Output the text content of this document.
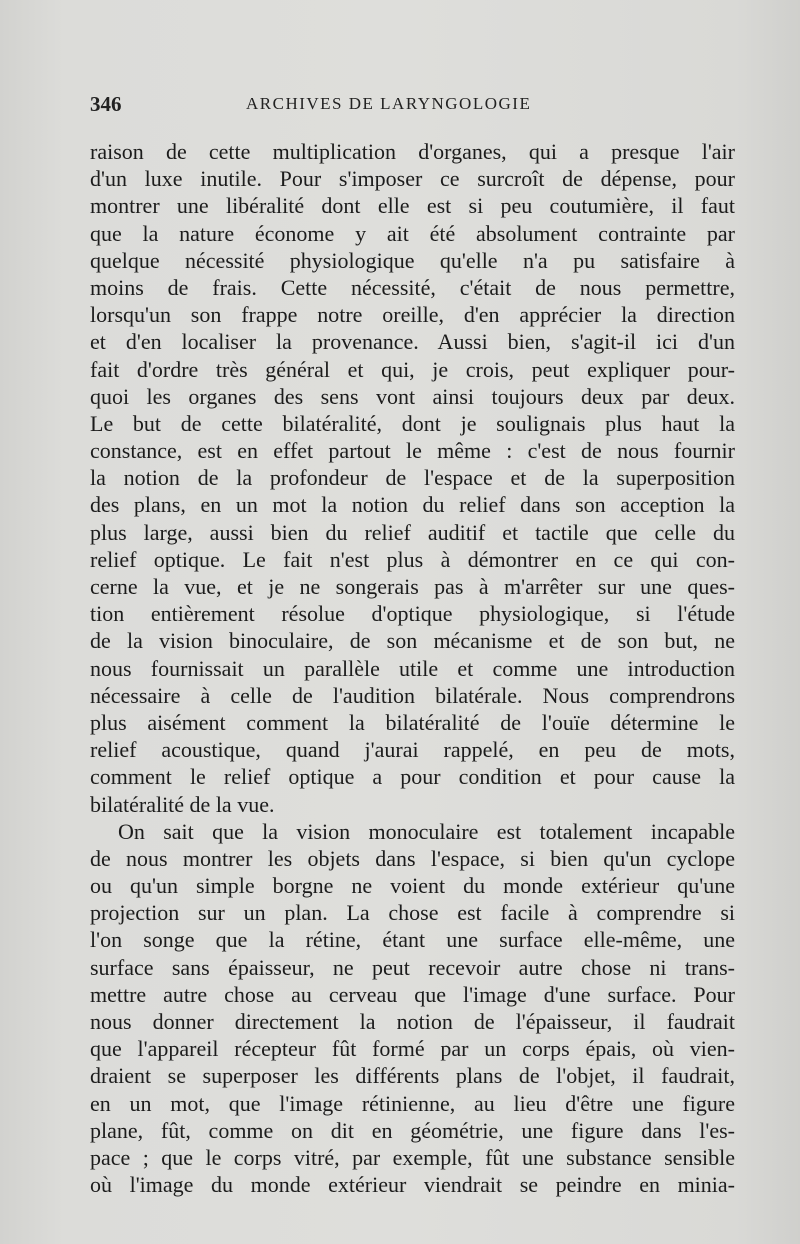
346	ARCHIVES DE LARYNGOLOGIE
raison de cette multiplication d'organes, qui a presque l'air
d'un luxe inutile. Pour s'imposer ce surcroît de dépense, pour
montrer une libéralité dont elle est si peu coutumière, il faut
que la nature économe y ait été absolument contrainte par
quelque nécessité physiologique qu'elle n'a pu satisfaire à
moins de frais. Cette nécessité, c'était de nous permettre,
lorsqu'un son frappe notre oreille, d'en apprécier la direction
et d'en localiser la provenance. Aussi bien, s'agit-il ici d'un
fait d'ordre très général et qui, je crois, peut expliquer pour-
quoi les organes des sens vont ainsi toujours deux par deux.
Le but de cette bilatéralité, dont je soulignais plus haut la
constance, est en effet partout le même : c'est de nous fournir
la notion de la profondeur de l'espace et de la superposition
des plans, en un mot la notion du relief dans son acception la
plus large, aussi bien du relief auditif et tactile que celle du
relief optique. Le fait n'est plus à démontrer en ce qui con-
cerne la vue, et je ne songerais pas à m'arrêter sur une ques-
tion entièrement résolue d'optique physiologique, si l'étude
de la vision binoculaire, de son mécanisme et de son but, ne
nous fournissait un parallèle utile et comme une introduction
nécessaire à celle de l'audition bilatérale. Nous comprendrons
plus aisément comment la bilatéralité de l'ouïe détermine le
relief acoustique, quand j'aurai rappelé, en peu de mots,
comment le relief optique a pour condition et pour cause la
bilatéralité de la vue.
On sait que la vision monoculaire est totalement incapable
de nous montrer les objets dans l'espace, si bien qu'un cyclope
ou qu'un simple borgne ne voient du monde extérieur qu'une
projection sur un plan. La chose est facile à comprendre si
l'on songe que la rétine, étant une surface elle-même, une
surface sans épaisseur, ne peut recevoir autre chose ni trans-
mettre autre chose au cerveau que l'image d'une surface. Pour
nous donner directement la notion de l'épaisseur, il faudrait
que l'appareil récepteur fût formé par un corps épais, où vien-
draient se superposer les différents plans de l'objet, il faudrait,
en un mot, que l'image rétinienne, au lieu d'être une figure
plane, fût, comme on dit en géométrie, une figure dans l'es-
pace ; que le corps vitré, par exemple, fût une substance sensible
où l'image du monde extérieur viendrait se peindre en minia-
